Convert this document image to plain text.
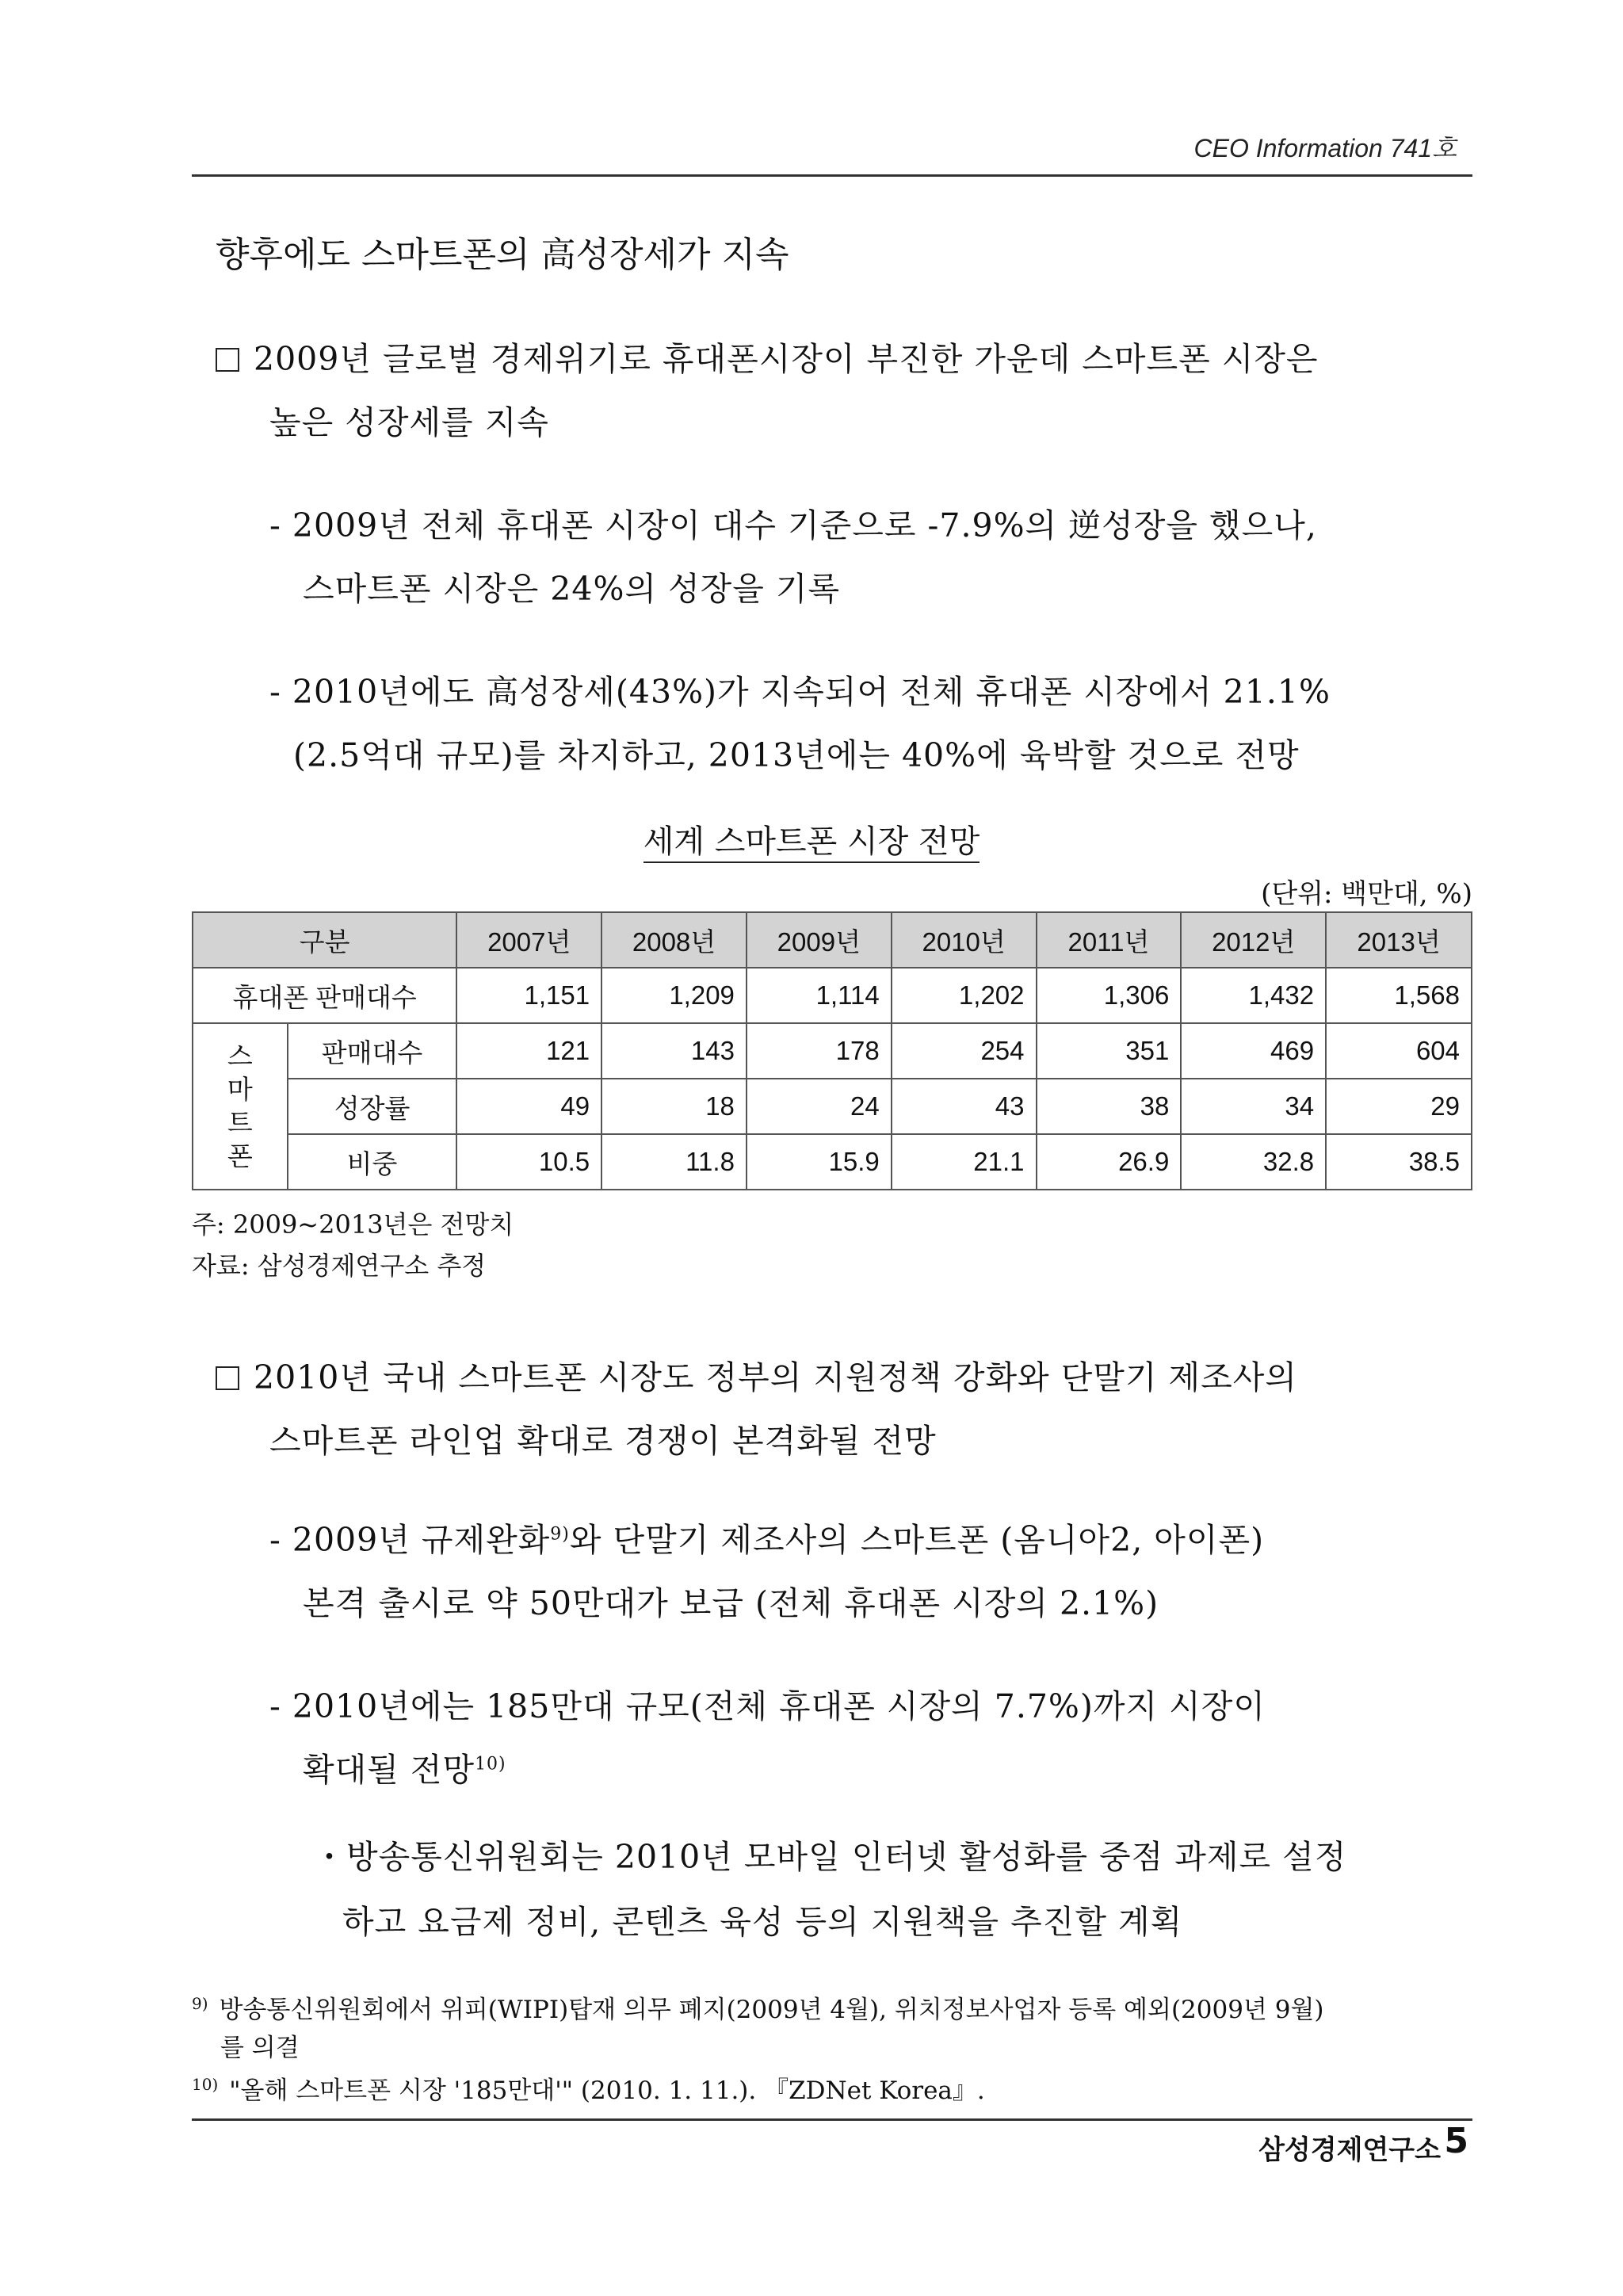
CEO Information 741호
향후에도 스마트폰의 高성장세가 지속
2009년 글로벌 경제위기로 휴대폰시장이 부진한 가운데 스마트폰 시장은
높은 성장세를 지속
- 2009년 전체 휴대폰 시장이 대수 기준으로 -7.9%의 逆성장을 했으나,
스마트폰 시장은 24%의 성장을 기록
- 2010년에도 高성장세(43%)가 지속되어 전체 휴대폰 시장에서 21.1%
(2.5억대 규모)를 차지하고, 2013년에는 40%에 육박할 것으로 전망
세계 스마트폰 시장 전망
(단위: 백만대, %)
구분		2007년	2008년	2009년	2010년	2011년	2012년	2013년
휴대폰 판매대수		1,151	1,209	1,114	1,202	1,306	1,432	1,568

스
마
트
폰	판매대수	121	143	178	254	351	469	604
	성장률	49	18	24	43	38	34	29
	비중	10.5	11.8	15.9	21.1	26.9	32.8	38.5
주: 2009~2013년은 전망치
자료: 삼성경제연구소 추정
2010년 국내 스마트폰 시장도 정부의 지원정책 강화와 단말기 제조사의
스마트폰 라인업 확대로 경쟁이 본격화될 전망
- 2009년 규제완화$^{9)}$와 단말기 제조사의 스마트폰 (옴니아2, 아이폰)
본격 출시로 약 50만대가 보급 (전체 휴대폰 시장의 2.1%)
- 2010년에는 185만대 규모(전체 휴대폰 시장의 7.7%)까지 시장이
확대될 전망$^{10)}$
・방송통신위원회는 2010년 모바일 인터넷 활성화를 중점 과제로 설정
하고 요금제 정비, 콘텐츠 육성 등의 지원책을 추진할 계획
$^{9)}$ 방송통신위원회에서 위피(WIPI)탑재 의무 폐지(2009년 4월), 위치정보사업자 등록 예외(2009년 9월)
를 의결
$^{10)}$ "올해 스마트폰 시장 '185만대'" (2010. 1. 11.). 『ZDNet Korea』.
삼성경제연구소 5
